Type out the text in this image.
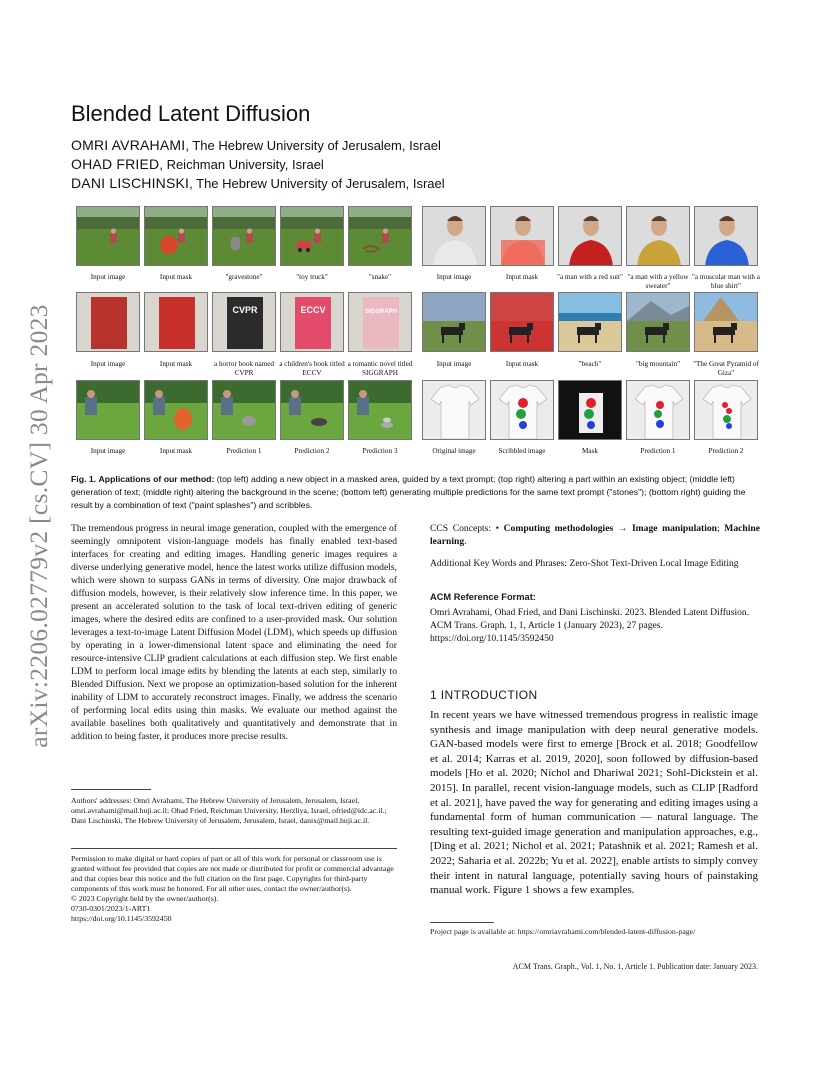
arXiv:2206.02779v2 [cs.CV] 30 Apr 2023
Blended Latent Diffusion
OMRI AVRAHAMI, The Hebrew University of Jerusalem, Israel
OHAD FRIED, Reichman University, Israel
DANI LISCHINSKI, The Hebrew University of Jerusalem, Israel
Input image	Input mask	"gravestone"	"toy truck"	"snake"	Input image	Input mask	"a man with a red suit" "a man with a yellow sweater"
"a muscular man with a blue shirt"
Input image	Input mask
CVPR
a horror book named CVPR
ECCV
a children's book titled ECCV
SIGGRAPH
a romantic novel titled SIGGRAPH
Input image	Input mask	"beach"	"big mountain"	"The Great Pyramid of Giza"
Input image	Input mask	Prediction 1	Prediction 2	Prediction 3	Original image	Scribbled image	Mask	Prediction 1	Prediction 2
Fig. 1. Applications of our method: (top left) adding a new object in a masked area, guided by a text prompt; (top right) altering a part within an existing object; (middle left) generation of text; (middle right) altering the background in the scene; (bottom left) generating multiple predictions for the same text prompt ("stones"); (bottom right) guiding the result by a combination of text ("paint splashes") and scribbles.
The tremendous progress in neural image generation, coupled with the emergence of seemingly omnipotent vision-language models has finally enabled text-based interfaces for creating and editing images. Handling generic images requires a diverse underlying generative model, hence the latest works utilize diffusion models, which were shown to surpass GANs in terms of diversity. One major drawback of diffusion models, however, is their relatively slow inference time. In this paper, we present an accelerated solution to the task of local text-driven editing of generic images, where the desired edits are confined to a user-provided mask. Our solution leverages a text-to-image Latent Diffusion Model (LDM), which speeds up diffusion by operating in a lower-dimensional latent space and eliminating the need for resource-intensive CLIP gradient calculations at each diffusion step. We first enable LDM to perform local image edits by blending the latents at each step, similarly to Blended Diffusion. Next we propose an optimization-based solution for the inherent inability of LDM to accurately reconstruct images. Finally, we address the scenario of performing local edits using thin masks. We evaluate our method against the available baselines both qualitatively and quantitatively and demonstrate that in addition to being faster, it produces more precise results.
Authors' addresses: Omri Avrahami, The Hebrew University of Jerusalem, Jerusalem, Israel, omri.avrahami@mail.huji.ac.il; Ohad Fried, Reichman University, Herzliya, Israel, ofried@idc.ac.il.; Dani Lischinski, The Hebrew University of Jerusalem, Jerusalem, Israel, danix@mail.huji.ac.il.
Permission to make digital or hard copies of part or all of this work for personal or classroom use is granted without fee provided that copies are not made or distributed for profit or commercial advantage and that copies bear this notice and the full citation on the first page. Copyrights for third-party components of this work must be honored. For all other uses, contact the owner/author(s).
© 2023 Copyright held by the owner/author(s).
0730-0301/2023/1-ART1
https://doi.org/10.1145/3592450
CCS Concepts: • Computing methodologies → Image manipulation; Machine learning.
Additional Key Words and Phrases: Zero-Shot Text-Driven Local Image Editing
ACM Reference Format:
Omri Avrahami, Ohad Fried, and Dani Lischinski. 2023. Blended Latent Diffusion. ACM Trans. Graph. 1, 1, Article 1 (January 2023), 27 pages. https://doi.org/10.1145/3592450
1 INTRODUCTION
In recent years we have witnessed tremendous progress in realistic image synthesis and image manipulation with deep neural generative models. GAN-based models were first to emerge [Brock et al. 2018; Goodfellow et al. 2014; Karras et al. 2019, 2020], soon followed by diffusion-based models [Ho et al. 2020; Nichol and Dhariwal 2021; Sohl-Dickstein et al. 2015]. In parallel, recent vision-language models, such as CLIP [Radford et al. 2021], have paved the way for generating and editing images using a fundamental form of human communication — natural language. The resulting text-guided image generation and manipulation approaches, e.g., [Ding et al. 2021; Nichol et al. 2021; Patashnik et al. 2021; Ramesh et al. 2022; Saharia et al. 2022b; Yu et al. 2022], enable artists to simply convey their intent in natural language, potentially saving hours of painstaking manual work. Figure 1 shows a few examples.
Project page is available at: https://omriavrahami.com/blended-latent-diffusion-page/
ACM Trans. Graph., Vol. 1, No. 1, Article 1. Publication date: January 2023.
